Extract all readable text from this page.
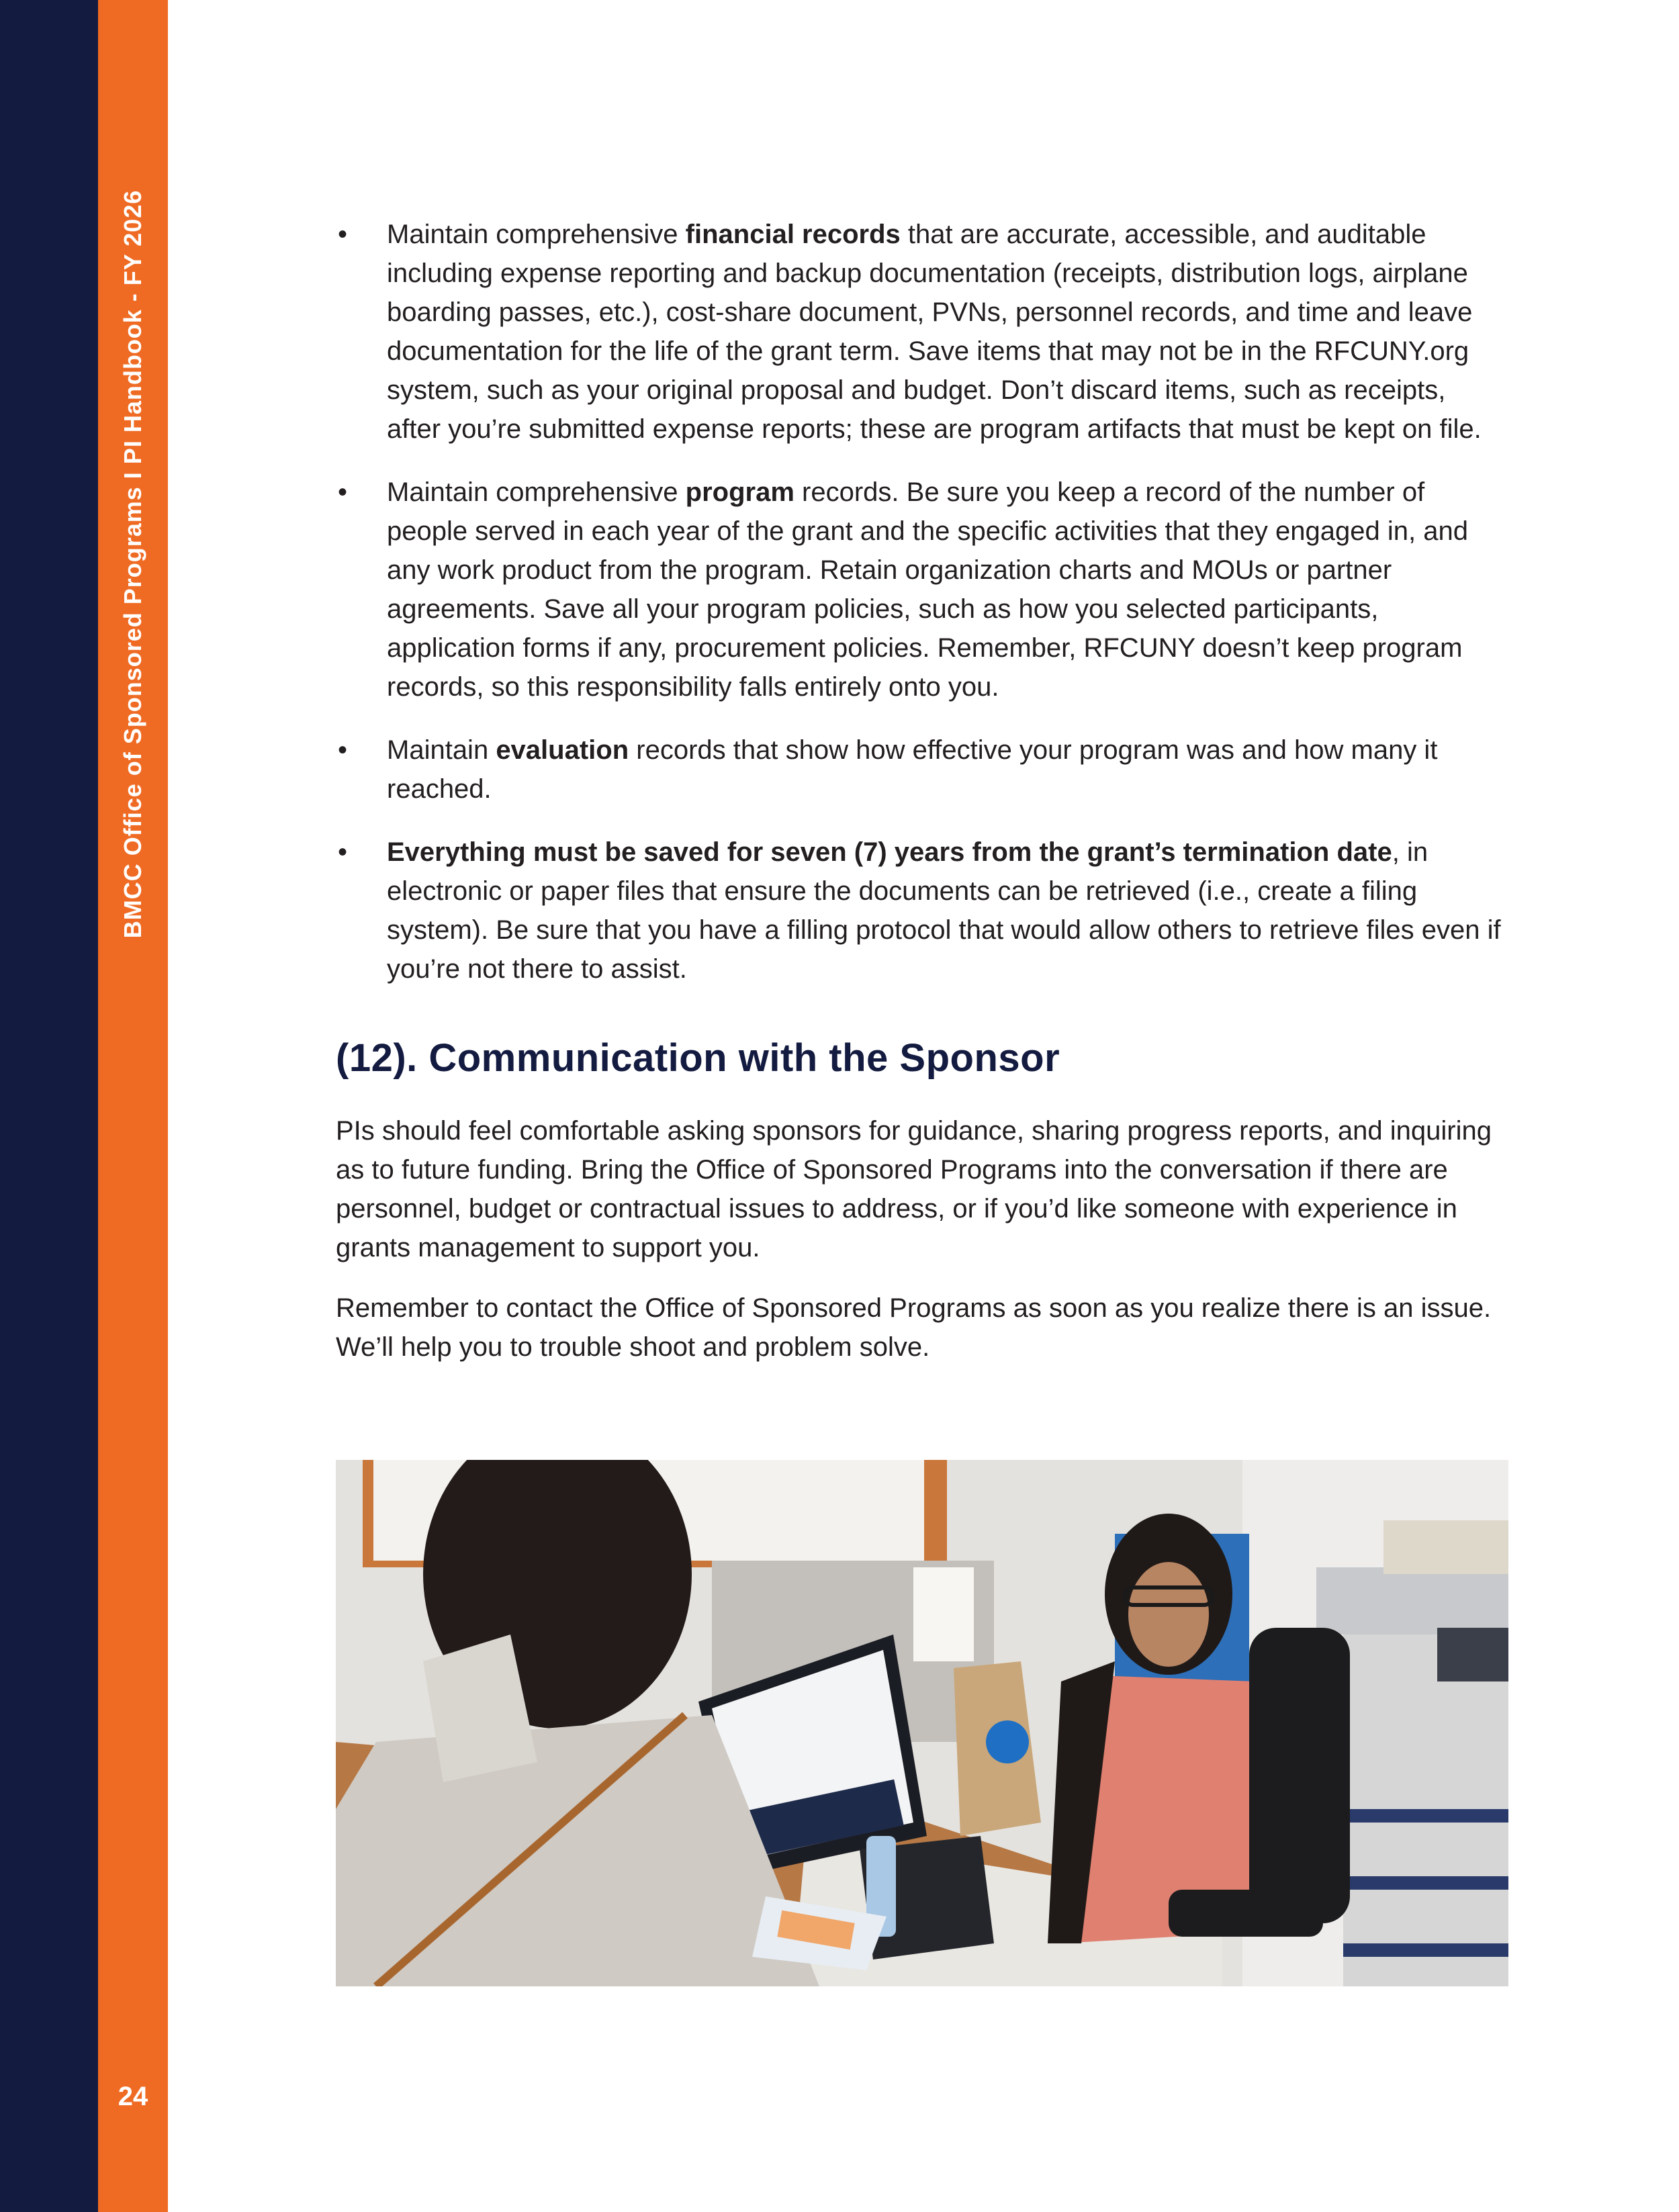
BMCC Office of Sponsored Programs I PI Handbook - FY 2026
24
• Maintain comprehensive financial records that are accurate, accessible, and auditable including expense reporting and backup documentation (receipts, distribution logs, airplane boarding passes, etc.), cost-share document, PVNs, personnel records, and time and leave documentation for the life of the grant term. Save items that may not be in the RFCUNY.org system, such as your original proposal and budget. Don’t discard items, such as receipts, after you’re submitted expense reports; these are program artifacts that must be kept on file.
• Maintain comprehensive program records. Be sure you keep a record of the number of people served in each year of the grant and the specific activities that they engaged in, and any work product from the program. Retain organization charts and MOUs or partner agreements. Save all your program policies, such as how you selected participants, application forms if any, procurement policies. Remember, RFCUNY doesn’t keep program records, so this responsibility falls entirely onto you.
• Maintain evaluation records that show how effective your program was and how many it reached.
• Everything must be saved for seven (7) years from the grant’s termination date, in electronic or paper files that ensure the documents can be retrieved (i.e., create a filing system). Be sure that you have a filling protocol that would allow others to retrieve files even if you’re not there to assist.
(12). Communication with the Sponsor

PIs should feel comfortable asking sponsors for guidance, sharing progress reports, and inquiring as to future funding. Bring the Office of Sponsored Programs into the conversation if there are personnel, budget or contractual issues to address, or if you’d like someone with experience in grants management to support you.

Remember to contact the Office of Sponsored Programs as soon as you realize there is an issue. We’ll help you to trouble shoot and problem solve.
